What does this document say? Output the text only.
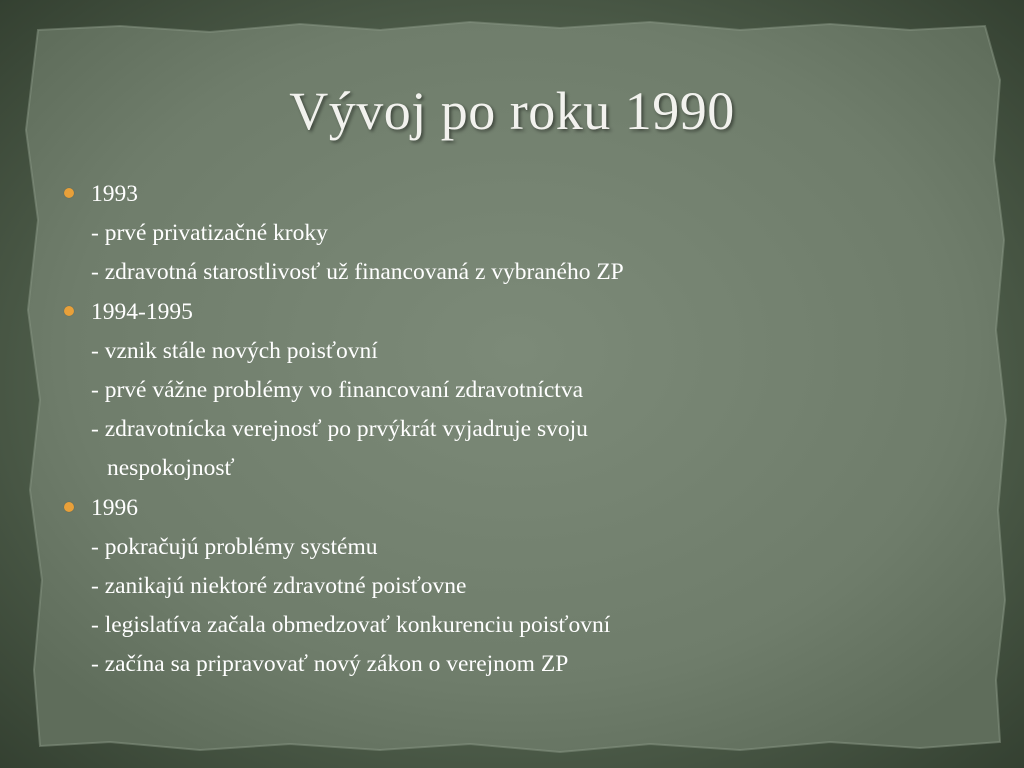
Vývoj po roku 1990
1993
- prvé privatizačné kroky
- zdravotná starostlivosť už financovaná z vybraného ZP
1994-1995
- vznik stále nových poisťovní
- prvé vážne problémy vo financovaní zdravotníctva
- zdravotnícka verejnosť po prvýkrát vyjadruje svoju
nespokojnosť
1996
- pokračujú problémy systému
- zanikajú niektoré zdravotné poisťovne
- legislatíva začala obmedzovať konkurenciu poisťovní
- začína sa pripravovať nový zákon o verejnom ZP
